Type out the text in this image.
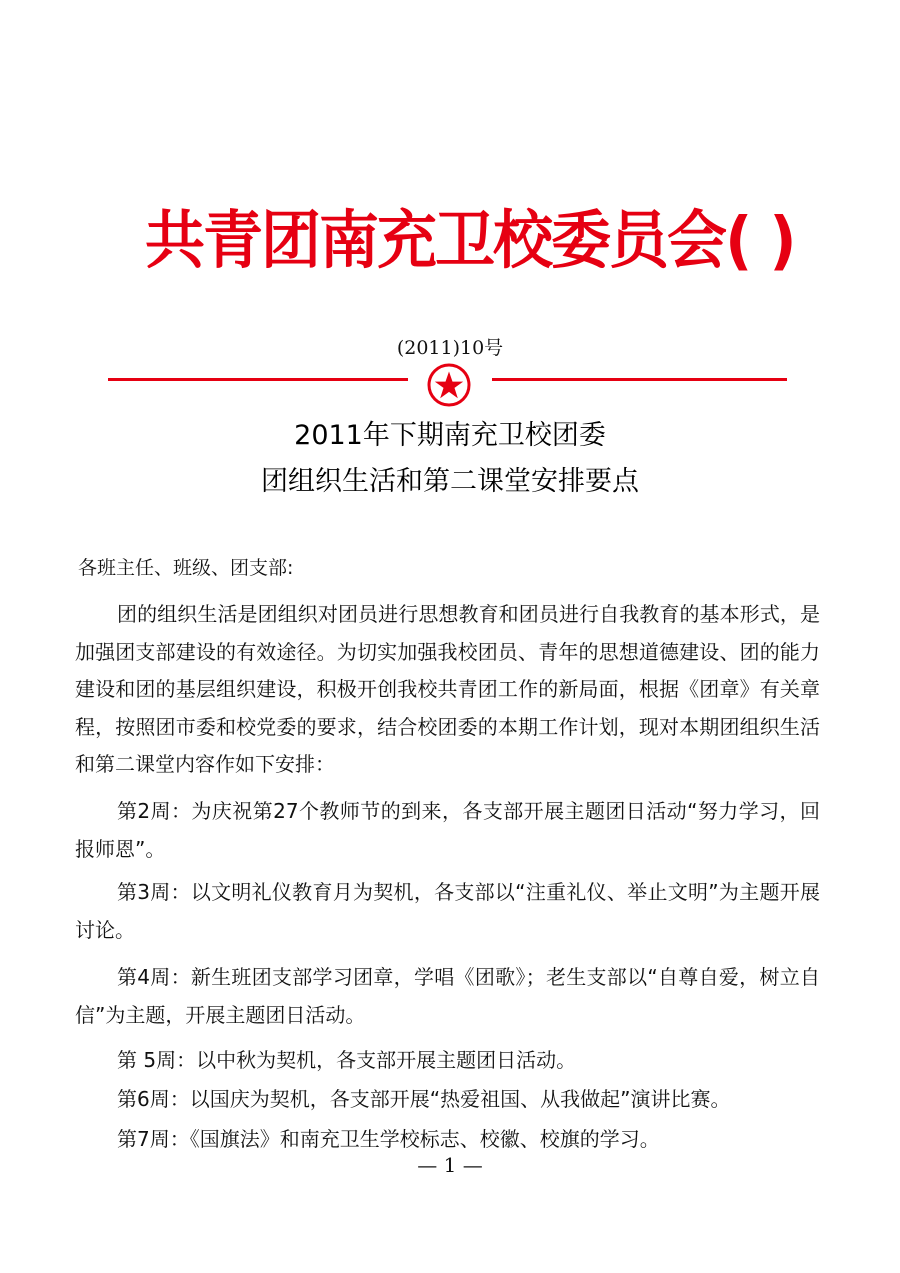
共青团南充卫校委员会( )
(2011)10号
2011年下期南充卫校团委
团组织生活和第二课堂安排要点
各班主任、班级、团支部:

团的组织生活是团组织对团员进行思想教育和团员进行自我教育的基本形式，是加强团支部建设的有效途径。为切实加强我校团员、青年的思想道德建设、团的能力建设和团的基层组织建设，积极开创我校共青团工作的新局面，根据《团章》有关章程，按照团市委和校党委的要求，结合校团委的本期工作计划，现对本期团组织生活和第二课堂内容作如下安排：

第2周：为庆祝第27个教师节的到来，各支部开展主题团日活动“努力学习，回报师恩”。

第3周：以文明礼仪教育月为契机，各支部以“注重礼仪、举止文明”为主题开展讨论。

第4周：新生班团支部学习团章，学唱《团歌》；老生支部以“自尊自爱，树立自信”为主题，开展主题团日活动。

第 5周：以中秋为契机，各支部开展主题团日活动。

第6周：以国庆为契机，各支部开展“热爱祖国、从我做起”演讲比赛。

第7周：《国旗法》和南充卫生学校标志、校徽、校旗的学习。

— 1 —
